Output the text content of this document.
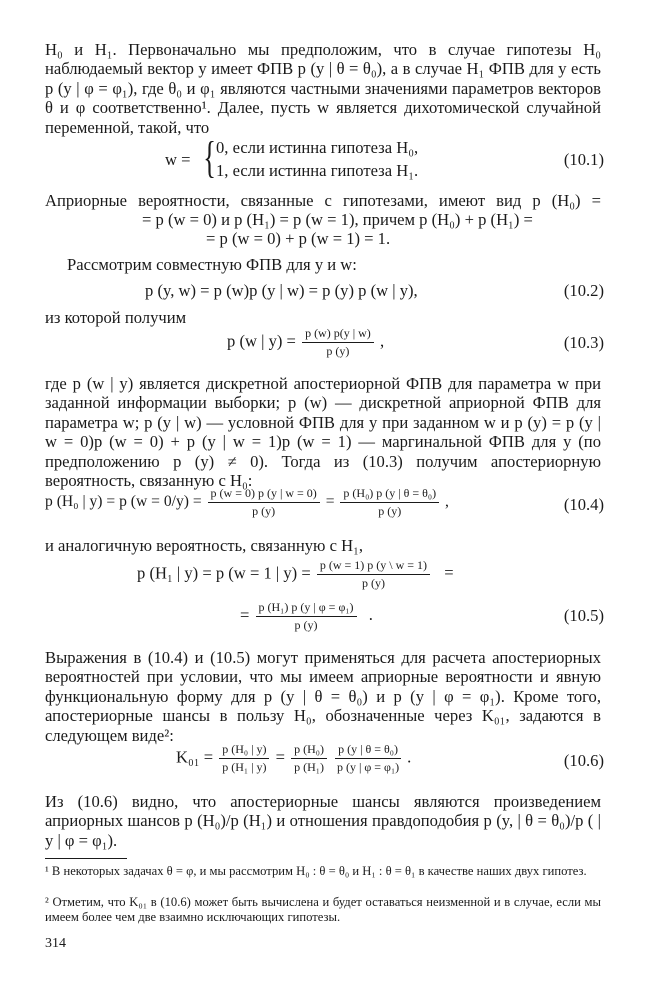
H₀ и H₁. Первоначально мы предположим, что в случае гипотезы H₀ наблюдаемый вектор y имеет ФПВ p (y | θ = θ₀), а в случае H₁ ФПВ для y есть p (y | φ = φ₁), где θ₀ и φ₁ являются частными значениями параметров векторов θ и φ соответственно¹. Далее, пусть w является дихотомической случайной переменной, такой, что

w = { 0, если истинна гипотеза H₀,
1, если истинна гипотеза H₁.
(10.1)
Априорные вероятности, связанные с гипотезами, имеют вид p (H₀) =
= p (w = 0) и p (H₁) = p (w = 1), причем p (H₀) + p (H₁) =
= p (w = 0) + p (w = 1) = 1.

Рассмотрим совместную ФПВ для y и w:

p (y, w) = p (w)p (y | w) = p (y) p (w | y),	(10.2)

из которой получим

p (w | $y) = \frac{p (w) p(y | w)}{p (y)}$ ,	(10.3)

где p (w | y) является дискретной апостериорной ФПВ для параметра w при заданной информации выборки; p (w) — дискретной априорной ФПВ для параметра w; p (y | w) — условной ФПВ для y при заданном w и p (y) = p (y | w = 0)p (w = 0) + p (y | w = 1)p (w = 1) — маргинальной ФПВ для y (по предположению p (y) ≠ 0). Тогда из (10.3) получим апостериорную вероятность, связанную с H₀:

p (H₀ | y) = p $(w = 0/y) = \frac{p (w = 0) p (y | w = 0)}{p (y)} = \frac{\text{p (H₀) p (y | θ = θ₀)}}{p (y)}$ ,	(10.4)

и аналогичную вероятность, связанную с H₁,

p (H₁ | y) = p (w = 1 | $y) = \frac{p (w = 1) p (y \backslash w = 1)}{p (y)}$ =
= $\frac{\text{p (H₁) p (y | φ = φ₁)}}{p (y)}$ .	(10.5)

Выражения в (10.4) и (10.5) могут применяться для расчета апостериорных вероятностей при условии, что мы имеем априорные вероятности и явную функциональную форму для p (y | θ = θ₀) и p (y | φ = φ₁). Кроме того, апостериорные шансы в пользу H₀, обозначенные через K₀₁, задаются в следующем виде²:

$K_{01} = \frac{\text{p (H₀ | y)}}{\text{p (H₁ | y)}} = \frac{\text{p (H₀)}}{\text{p (H₁)}}$
$\frac{\text{p (y | θ = θ₀)}}{\text{p (y | φ = φ₁)}}$ .	(10.6)

Из (10.6) видно, что апостериорные шансы являются произведением априорных шансов p (H₀)/p (H₁) и отношения правдоподобия p (y, | θ = θ₀)/p ( | y | φ = φ₁).

¹ В некоторых задачах θ = φ, и мы рассмотрим H₀ : θ = θ₀ и H₁ : θ = θ₁ в качестве наших двух гипотез.

² Отметим, что K₀₁ в (10.6) может быть вычислена и будет оставаться неизменной и в случае, если мы имеем более чем две взаимно исключающих гипотезы.

314
